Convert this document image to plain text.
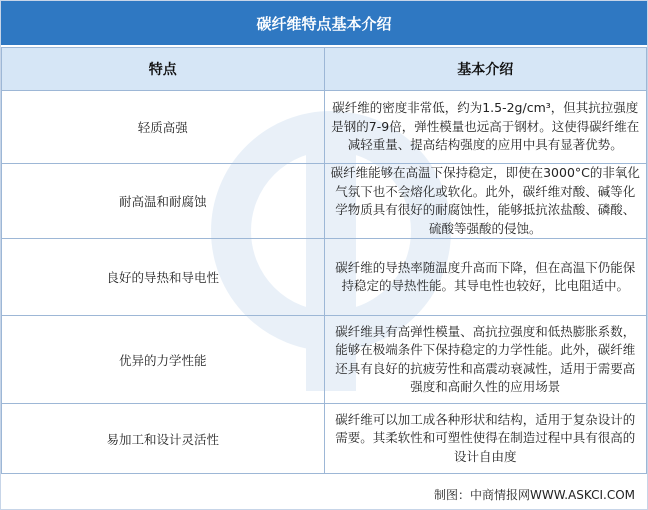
碳纤维特点基本介绍
特点	基本介绍
轻质高强	碳纤维的密度非常低，约为1.5-2g/cm³，但其抗拉强度是钢的7-9倍，弹性模量也远高于钢材。这使得碳纤维在减轻重量、提高结构强度的应用中具有显著优势。
耐高温和耐腐蚀	碳纤维能够在高温下保持稳定，即使在3000°C的非氧化气氛下也不会熔化或软化。此外，碳纤维对酸、碱等化学物质具有很好的耐腐蚀性，能够抵抗浓盐酸、磷酸、硫酸等强酸的侵蚀。
良好的导热和导电性	碳纤维的导热率随温度升高而下降，但在高温下仍能保持稳定的导热性能。其导电性也较好，比电阻适中。
优异的力学性能	碳纤维具有高弹性模量、高抗拉强度和低热膨胀系数，能够在极端条件下保持稳定的力学性能。此外，碳纤维还具有良好的抗疲劳性和高震动衰减性，适用于需要高强度和高耐久性的应用场景
易加工和设计灵活性	碳纤维可以加工成各种形状和结构，适用于复杂设计的需要。其柔软性和可塑性使得在制造过程中具有很高的设计自由度
制图：中商情报网WWW.ASKCI.COM
